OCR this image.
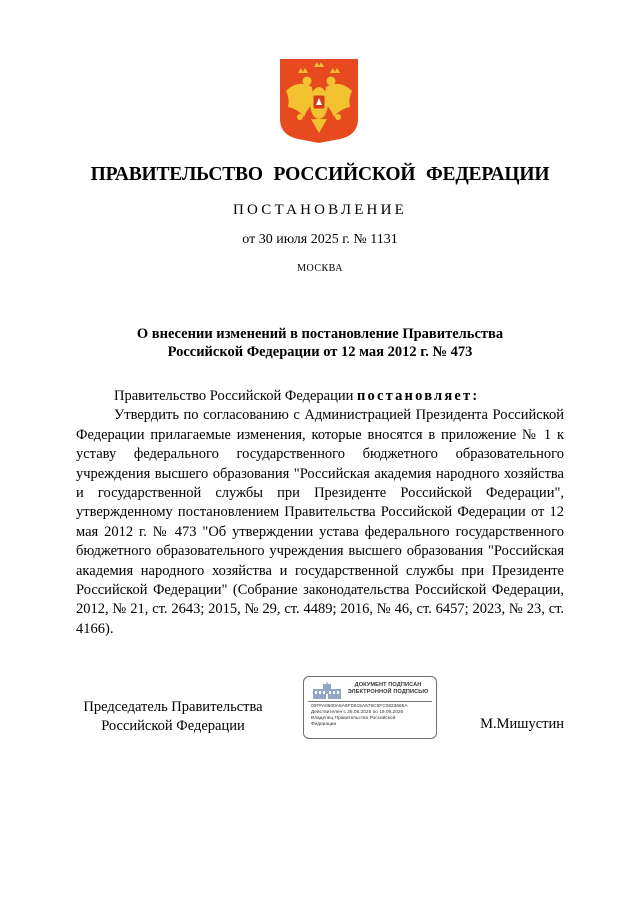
ПРАВИТЕЛЬСТВО РОССИЙСКОЙ ФЕДЕРАЦИИ
ПОСТАНОВЛЕНИЕ
от 30 июля 2025 г. № 1131
МОСКВА
О внесении изменений в постановление Правительства
Российской Федерации от 12 мая 2012 г. № 473

Правительство Российской Федерации постановляет:

Утвердить по согласованию с Администрацией Президента Российской Федерации прилагаемые изменения, которые вносятся в приложение № 1 к уставу федерального государственного бюджетного образовательного учреждения высшего образования "Российская академия народного хозяйства и государственной службы при Президенте Российской Федерации", утвержденному постановлением Правительства Российской Федерации от 12 мая 2012 г. № 473 "Об утверждении устава федерального государственного бюджетного образовательного учреждения высшего образования "Российская академия народного хозяйства и государственной службы при Президенте Российской Федерации" (Собрание законодательства Российской Федерации, 2012, № 21, ст. 2643; 2015, № 29, ст. 4489; 2016, № 46, ст. 6457; 2023, № 23, ст. 4166).

Председатель Правительства
Российской Федерации
ДОКУМЕНТ ПОДПИСАН
ЭЛЕКТРОННОЙ ПОДПИСЬЮ
00FFA0600A5A6FD615A579C5FC0823665A
Действителен с 26.06.2025 по 19.09.2026
Владелец Правительство Российской
Федерации	М.Мишустин
